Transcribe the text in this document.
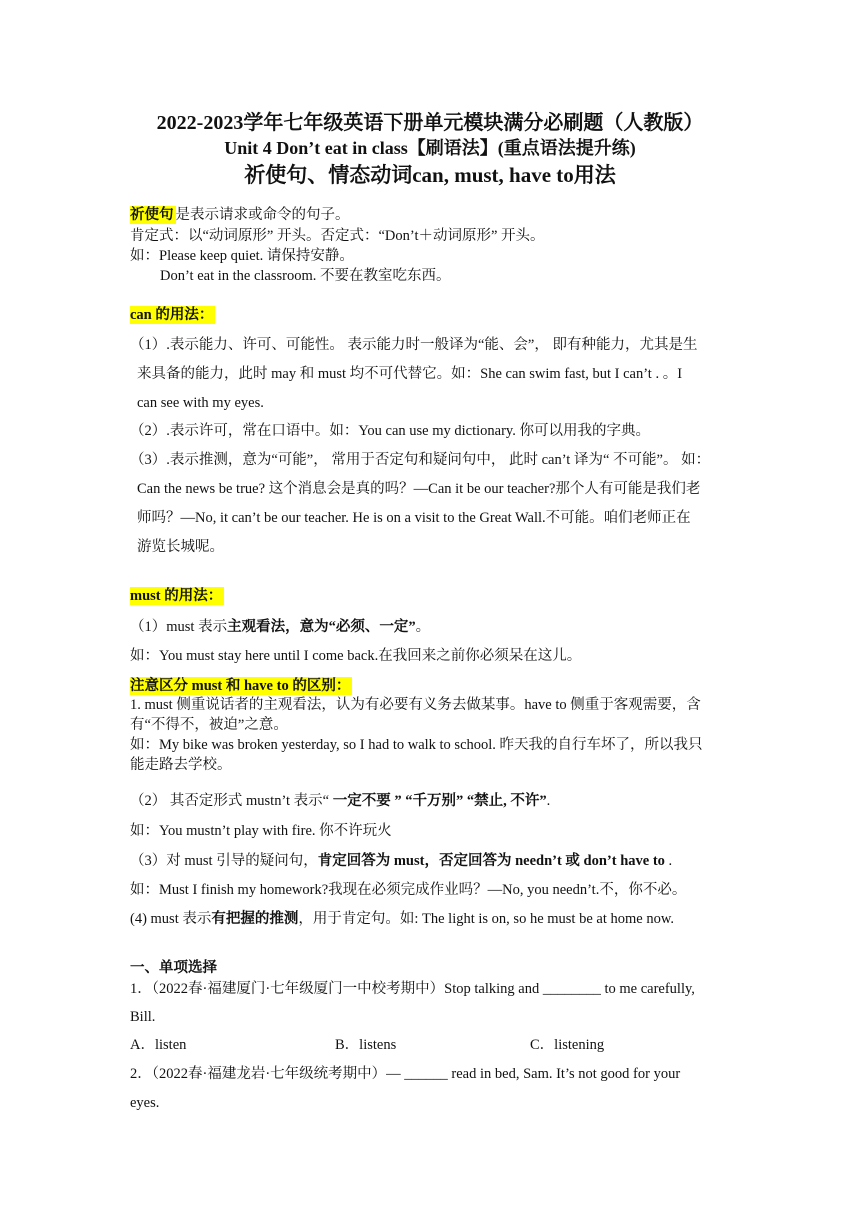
2022-2023学年七年级英语下册单元模块满分必刷题（人教版）

Unit 4 Don’t eat in class【刷语法】(重点语法提升练)

祈使句、情态动词can, must, have to用法

祈使句 是表示请求或命令的句子。
肯定式：以“动词原形” 开头。否定式：“Don’t＋动词原形” 开头。
如：Please keep quiet. 请保持安静。
Don’t eat in the classroom. 不要在教室吃东西。
can 的用法：
（1）.表示能力、许可、可能性。 表示能力时一般译为“能、会”， 即有种能力，尤其是生
来具备的能力，此时 may 和 must 均不可代替它。如：She can swim fast, but I can’t . 。I
can see with my eyes.
（2）.表示许可，常在口语中。如：You can use my dictionary. 你可以用我的字典。
（3）.表示推测，意为“可能”， 常用于否定句和疑问句中， 此时 can’t 译为“ 不可能”。 如：
Can the news be true? 这个消息会是真的吗？—Can it be our teacher?那个人有可能是我们老
师吗？—No, it can’t be our teacher. He is on a visit to the Great Wall.不可能。咱们老师正在
游览长城呢。
must 的用法：
（1）must 表示主观看法，意为“必须、一定”。
如：You must stay here until I come back.在我回来之前你必须呆在这儿。
注意区分 must 和 have to 的区别：
1. must 侧重说话者的主观看法，认为有必要有义务去做某事。have to 侧重于客观需要，含
有“不得不，被迫”之意。
如：My bike was broken yesterday, so I had to walk to school. 昨天我的自行车坏了，所以我只
能走路去学校。
（2） 其否定形式 mustn’t 表示“ 一定不要 ” “千万别” “禁止, 不许”.
如：You mustn’t play with fire. 你不许玩火
（3）对 must 引导的疑问句，肯定回答为 must，否定回答为 needn’t 或 don’t have to .
如：Must I finish my homework?我现在必须完成作业吗？—No, you needn’t.不，你不必。
(4) must 表示有把握的推测，用于肯定句。如: The light is on, so he must be at home now.
一、单项选择
1．（2022春·福建厦门·七年级厦门一中校考期中）Stop talking and ________ to me carefully,
Bill.
A．listen	B．listens	C．listening
2．（2022春·福建龙岩·七年级统考期中）— ______ read in bed, Sam. It’s not good for your
eyes.
